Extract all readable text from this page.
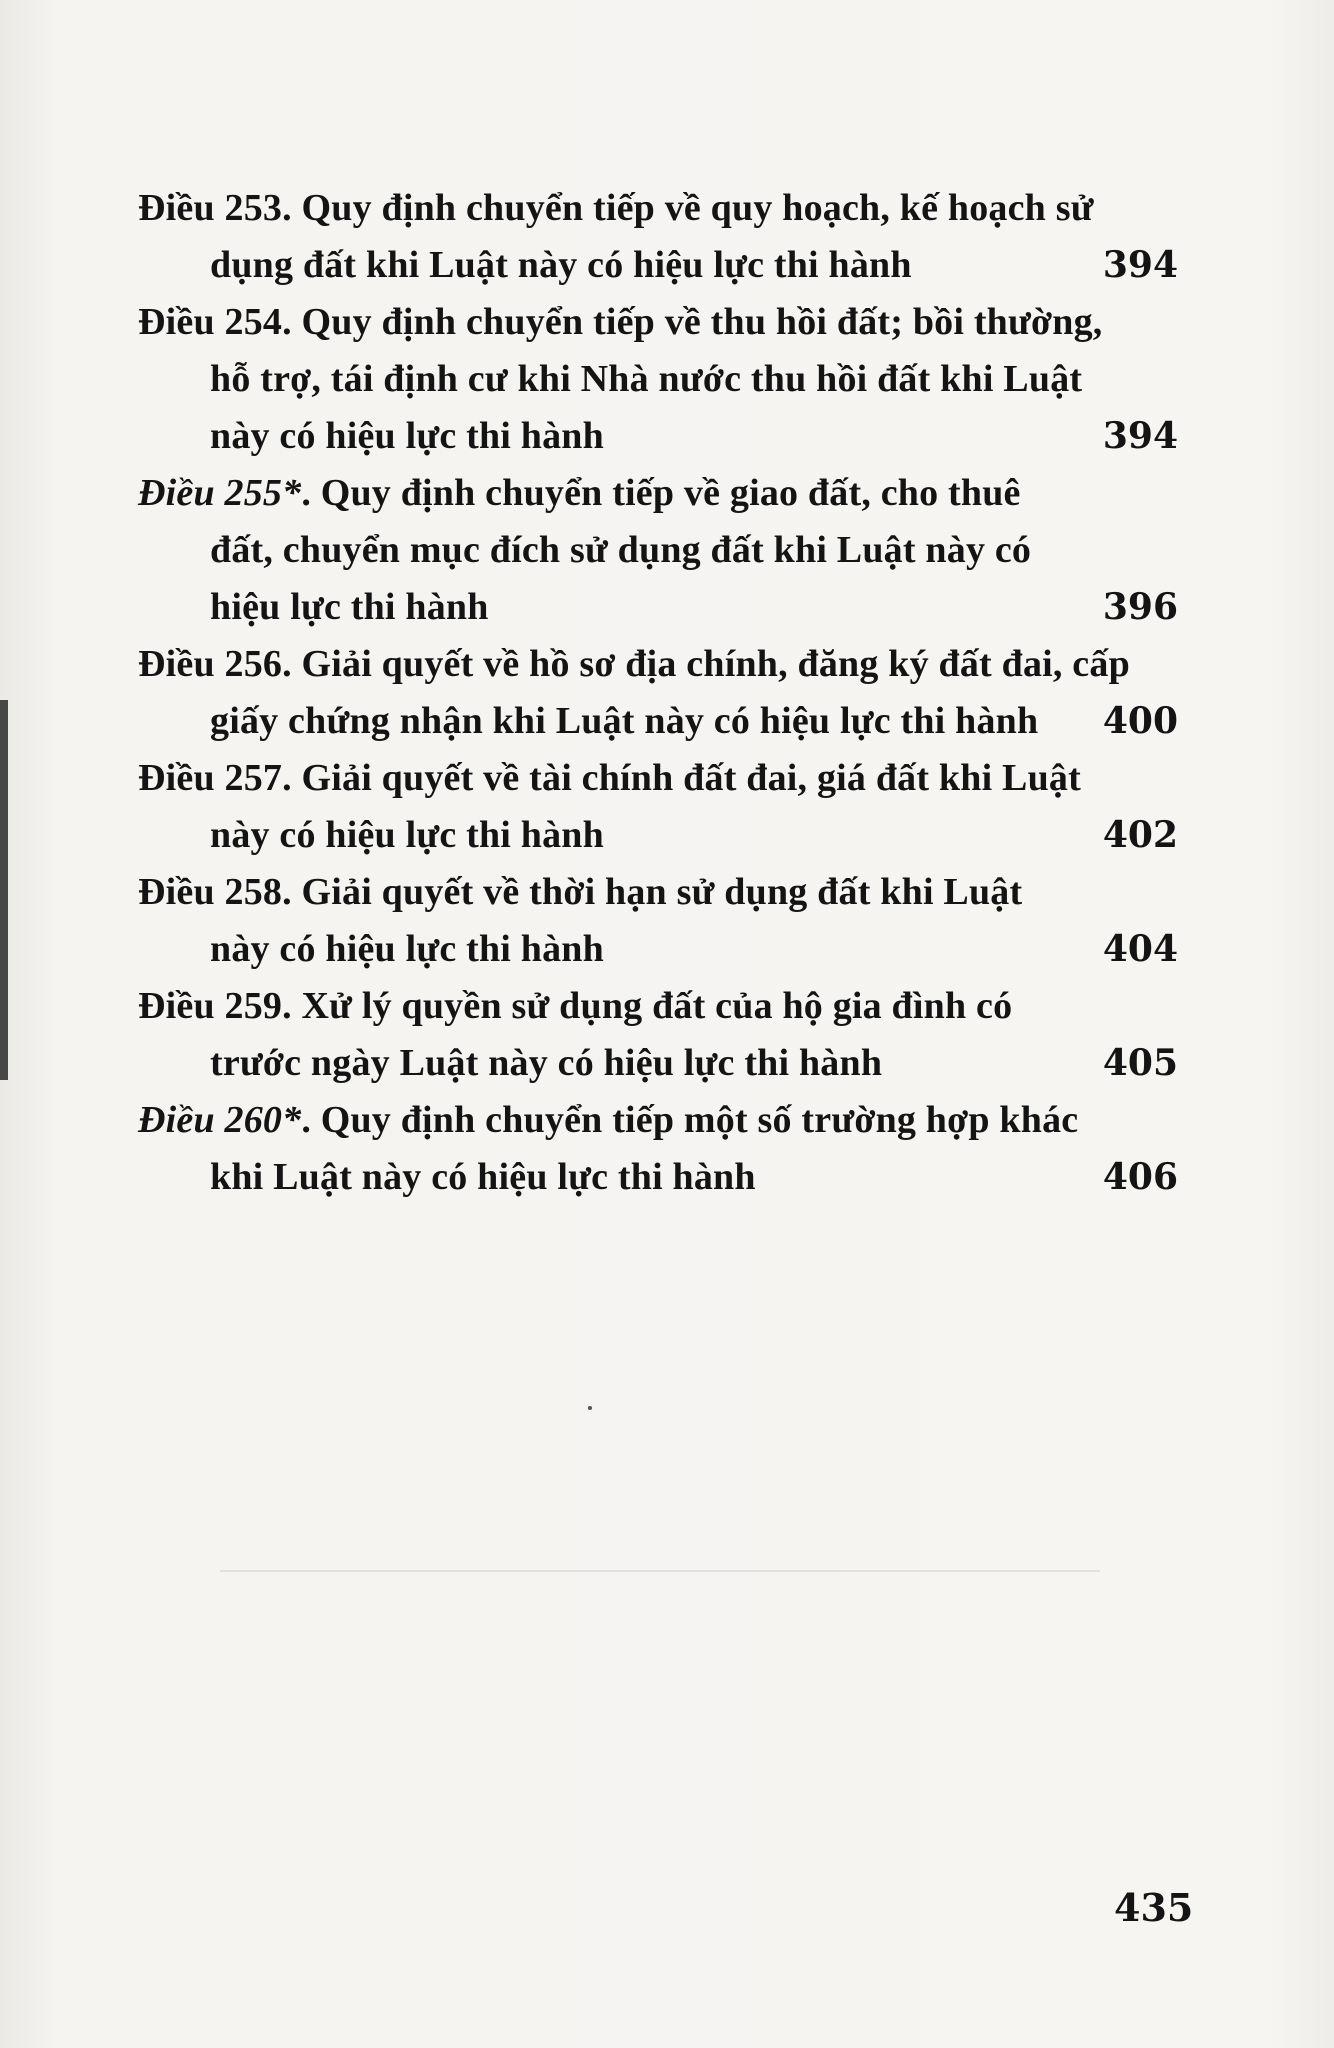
Điều 253. Quy định chuyển tiếp về quy hoạch, kế hoạch sử
dụng đất khi Luật này có hiệu lực thi hành	394
Điều 254. Quy định chuyển tiếp về thu hồi đất; bồi thường,
hỗ trợ, tái định cư khi Nhà nước thu hồi đất khi Luật
này có hiệu lực thi hành	394
Điều 255*. Quy định chuyển tiếp về giao đất, cho thuê
đất, chuyển mục đích sử dụng đất khi Luật này có
hiệu lực thi hành	396
Điều 256. Giải quyết về hồ sơ địa chính, đăng ký đất đai, cấp
giấy chứng nhận khi Luật này có hiệu lực thi hành 400
Điều 257. Giải quyết về tài chính đất đai, giá đất khi Luật
này có hiệu lực thi hành	402
Điều 258. Giải quyết về thời hạn sử dụng đất khi Luật
này có hiệu lực thi hành	404
Điều 259. Xử lý quyền sử dụng đất của hộ gia đình có
trước ngày Luật này có hiệu lực thi hành	405
Điều 260*. Quy định chuyển tiếp một số trường hợp khác
khi Luật này có hiệu lực thi hành	406
435
